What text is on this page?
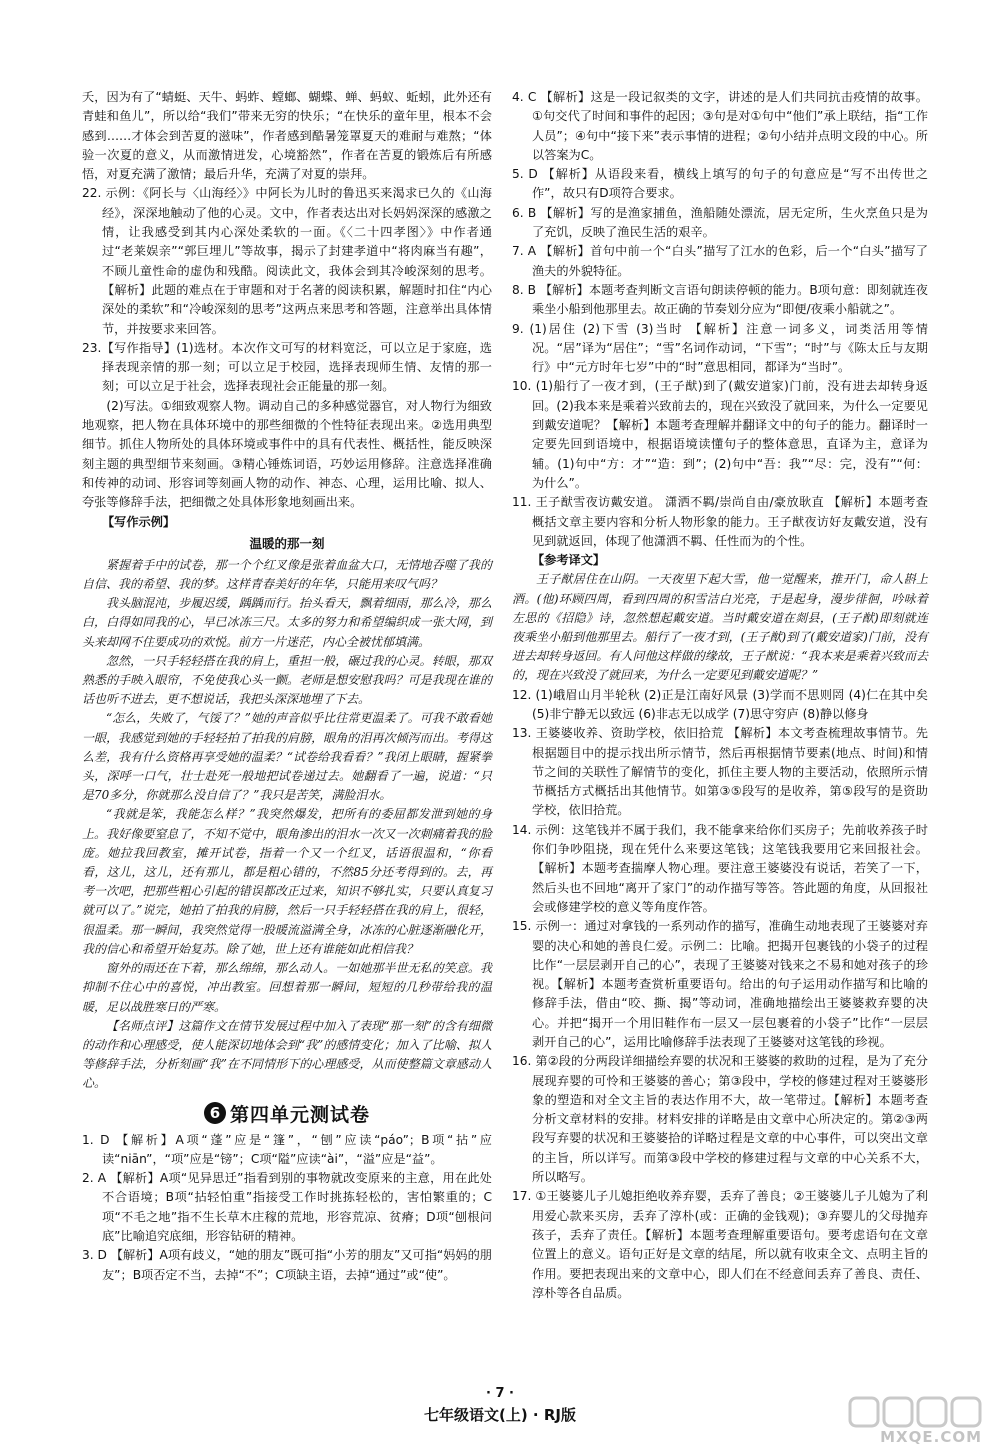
夭，因为有了“蜻蜓、天牛、蚂蚱、螳螂、蝴蝶、蝉、蚂蚁、蚯蚓，此外还有青蛙和鱼儿”，所以给“我们”带来无穷的快乐；“在快乐的童年里，根本不会感到……才体会到苦夏的滋味”，作者感到酷暑笼罩夏天的难耐与难熬；“体验一次夏的意义，从而激情迸发，心境豁然”，作者在苦夏的锻炼后有所感悟，对夏充满了激情；最后升华，充满了对夏的崇拜。

22. 示例：《阿长与〈山海经〉》中阿长为儿时的鲁迅买来渴求已久的《山海经》，深深地触动了他的心灵。文中，作者表达出对长妈妈深深的感激之情，让我感受到其内心深处柔软的一面。《〈二十四孝图〉》中作者通过“老莱娱亲”“郭巨埋儿”等故事，揭示了封建孝道中“将肉麻当有趣”，不顾儿童性命的虚伪和残酷。阅读此文，我体会到其冷峻深刻的思考。【解析】此题的难点在于审题和对于名著的阅读积累，解题时扣住“内心深处的柔软”和“冷峻深刻的思考”这两点来思考和答题，注意举出具体情节，并按要求来回答。

23.【写作指导】(1)选材。本次作文可写的材料宽泛，可以立足于家庭，选择表现亲情的那一刻；可以立足于校园，选择表现师生情、友情的那一刻；可以立足于社会，选择表现社会正能量的那一刻。

(2)写法。①细致观察人物。调动自己的多种感觉器官，对人物行为细致地观察，把人物在具体环境中的那些细微的个性特征表现出来。②选用典型细节。抓住人物所处的具体环境或事件中的具有代表性、概括性，能反映深刻主题的典型细节来刻画。③精心锤炼词语，巧妙运用修辞。注意选择准确和传神的动词、形容词等刻画人物的动作、神态、心理，运用比喻、拟人、夸张等修辞手法，把细微之处具体形象地刻画出来。

【写作示例】

温暖的那一刻

紧握着手中的试卷，那一个个红叉像是张着血盆大口，无情地吞噬了我的自信、我的希望、我的梦。这样青春美好的年华，只能用来叹气吗？

我头脑混沌，步履迟缓，踽踽而行。抬头看天，飘着细雨，那么冷，那么白，白得如同我的心，早已冰冻三尺。太多的努力和希望编织成一张大网，到头来却网不住要成功的欢悦。前方一片迷茫，内心全被忧郁填满。

忽然，一只手轻轻搭在我的肩上，重担一般，碾过我的心灵。转眼，那双熟悉的手映入眼帘，不免使我心头一颤。老师是想安慰我吗？可是我现在谁的话也听不进去，更不想说话，我把头深深地埋了下去。

“怎么，失败了，气馁了？”她的声音似乎比往常更温柔了。可我不敢看她一眼，我感觉到她的手轻轻拍了拍我的肩膀，眼角的泪再次倾泻而出。考得这么差，我有什么资格再享受她的温柔？“试卷给我看看？”我闭上眼睛，握紧拳头，深呼一口气，壮士赴死一般地把试卷递过去。她翻看了一遍，说道：“只是70多分，你就那么没自信了？”我只是苦笑，满脸泪水。

“我就是笨，我能怎么样？”我突然爆发，把所有的委屈都发泄到她的身上。我好像要窒息了，不知不觉中，眼角渗出的泪水一次又一次刺痛着我的脸庞。她拉我回教室，摊开试卷，指着一个又一个红叉，话语很温和，“你看看，这儿，这儿，还有那儿，都是粗心错的，不然85分还考得到的。去，再考一次吧，把那些粗心引起的错误都改正过来，知识不够扎实，只要认真复习就可以了。”说完，她拍了拍我的肩膀，然后一只手轻轻搭在我的肩上，很轻，很温柔。那一瞬间，我突然觉得一股暖流溢满全身，冰冻的心脏逐渐融化开，我的信心和希望开始复苏。除了她，世上还有谁能如此相信我？

窗外的雨还在下着，那么绵绵，那么动人。一如她那半世无私的笑意。我抑制不住心中的喜悦，冲出教室。回想着那一瞬间，短短的几秒带给我的温暖，足以战胜寒日的严寒。

【名师点评】这篇作文在情节发展过程中加入了表现“那一刻”的含有细微的动作和心理感受，使人能深切地体会到“我”的感情变化；加入了比喻、拟人等修辞手法，分析刻画“我”在不同情形下的心理感受，从而使整篇文章感动人心。

6 第四单元测试卷

1. D 【解析】A项“蓬”应是“篷”，“刨”应读“páo”；B项“拈”应读“niān”，“项”应是“镑”；C项“隘”应读“ài”，“溢”应是“益”。

2. A 【解析】A项“见异思迁”指看到别的事物就改变原来的主意，用在此处不合语境；B项“拈轻怕重”指接受工作时挑拣轻松的，害怕繁重的；C项“不毛之地”指不生长草木庄稼的荒地，形容荒凉、贫瘠；D项“刨根问底”比喻追究底细，形容钻研的精神。

3. D 【解析】A项有歧义，“她的朋友”既可指“小芳的朋友”又可指“妈妈的朋友”；B项否定不当，去掉“不”；C项缺主语，去掉“通过”或“使”。

4. C 【解析】这是一段记叙类的文字，讲述的是人们共同抗击疫情的故事。①句交代了时间和事件的起因；③句是对①句中“他们”承上联结，指“工作人员”；④句中“接下来”表示事情的进程；②句小结并点明文段的中心。所以答案为C。

5. D 【解析】从语段来看，横线上填写的句子的句意应是“写不出传世之作”，故只有D项符合要求。

6. B 【解析】写的是渔家捕鱼，渔船随处漂流，居无定所，生火烹鱼只是为了充饥，反映了渔民生活的艰辛。

7. A 【解析】首句中前一个“白头”描写了江水的色彩，后一个“白头”描写了渔夫的外貌特征。

8. B 【解析】本题考查判断文言语句朗读停顿的能力。B项句意：即刻就连夜乘坐小船到他那里去。故正确的节奏划分应为“即便/夜乘小船就之”。

9. (1)居住 (2)下雪 (3)当时 【解析】注意一词多义，词类活用等情况。“居”译为“居住”；“雪”名词作动词，“下雪”；“时”与《陈太丘与友期行》中“元方时年七岁”中的“时”意思相同，都译为“当时”。

10. (1)船行了一夜才到，(王子猷)到了(戴安道家)门前，没有进去却转身返回。(2)我本来是乘着兴致前去的，现在兴致没了就回来，为什么一定要见到戴安道呢？【解析】本题考查理解并翻译文中的句子的能力。翻译时一定要先回到语境中，根据语境读懂句子的整体意思，直译为主，意译为辅。(1)句中“方：才”“造：到”；(2)句中“吾：我”“尽：完，没有”“何：为什么”。

11. 王子猷雪夜访戴安道。 潇洒不羁/崇尚自由/豪放耿直 【解析】本题考查概括文章主要内容和分析人物形象的能力。王子猷夜访好友戴安道，没有见到就返回，体现了他潇洒不羁、任性而为的个性。

【参考译文】

王子猷居住在山阴。一天夜里下起大雪，他一觉醒来，推开门，命人斟上酒。(他)环顾四周，看到四周的积雪洁白光亮，于是起身，漫步徘徊，吟咏着左思的《招隐》诗，忽然想起戴安道。当时戴安道在剡县，(王子猷)即刻就连夜乘坐小船到他那里去。船行了一夜才到，(王子猷)到了(戴安道家)门前，没有进去却转身返回。有人问他这样做的缘故，王子猷说：“我本来是乘着兴致而去的，现在兴致没了就回来，为什么一定要见到戴安道呢？”

12. (1)峨眉山月半轮秋 (2)正是江南好风景 (3)学而不思则罔 (4)仁在其中矣 (5)非宁静无以致远 (6)非志无以成学 (7)思守穷庐 (8)静以修身

13. 王婆婆收养、资助学校，依旧拾荒 【解析】本文考查梳理故事情节。先根据题目中的提示找出所示情节，然后再根据情节要素(地点、时间)和情节之间的关联性了解情节的变化，抓住主要人物的主要活动，依照所示情节概括方式概括出其他情节。如第③⑤段写的是收养，第⑤段写的是资助学校，依旧拾荒。

14. 示例：这笔钱并不属于我们，我不能拿来给你们买房子；先前收养孩子时你们争吵阻挠，现在凭什么来要这笔钱；这笔钱我要用它来回报社会。【解析】本题考查揣摩人物心理。要注意王婆婆没有说话，若笑了一下，然后头也不回地“离开了家门”的动作描写等答。答此题的角度，从回报社会或修建学校的意义等角度作答。

15. 示例一：通过对拿钱的一系列动作的描写，准确生动地表现了王婆婆对弃婴的决心和她的善良仁爱。示例二：比喻。把揭开包裹钱的小袋子的过程比作“一层层剥开自己的心”，表现了王婆婆对钱来之不易和她对孩子的珍视。【解析】本题考查赏析重要语句。给出的句子运用动作描写和比喻的修辞手法，借由“咬、撕、揭”等动词，准确地描绘出王婆婆救弃婴的决心。并把“揭开一个用旧鞋作布一层又一层包裹着的小袋子”比作“一层层剥开自己的心”，运用比喻修辞手法表现了王婆婆对这笔钱的珍视。

16. 第②段的分两段详细描绘弃婴的状况和王婆婆的救助的过程，是为了充分展现弃婴的可怜和王婆婆的善心；第③段中，学校的修建过程对王婆婆形象的塑造和对全文主旨的表达作用不大，故一笔带过。【解析】本题考查分析文章材料的安排。材料安排的详略是由文章中心所决定的。第②③两段写弃婴的状况和王婆婆拾的详略过程是文章的中心事件，可以突出文章的主旨，所以详写。而第③段中学校的修建过程与文章的中心关系不大，所以略写。

17. ①王婆婆儿子儿媳拒绝收养弃婴，丢弃了善良；②王婆婆儿子儿媳为了利用爱心款来买房，丢弃了淳朴(或：正确的金钱观)；③弃婴儿的父母抛弃孩子，丢弃了责任。【解析】本题考查理解重要语句。要考虑语句在文章位置上的意义。语句正好是文章的结尾，所以就有收束全文、点明主旨的作用。要把表现出来的文章中心，即人们在不经意间丢弃了善良、责任、淳朴等各自品质。

· 7 ·
七年级语文(上) · RJ版
MXQE.COM
